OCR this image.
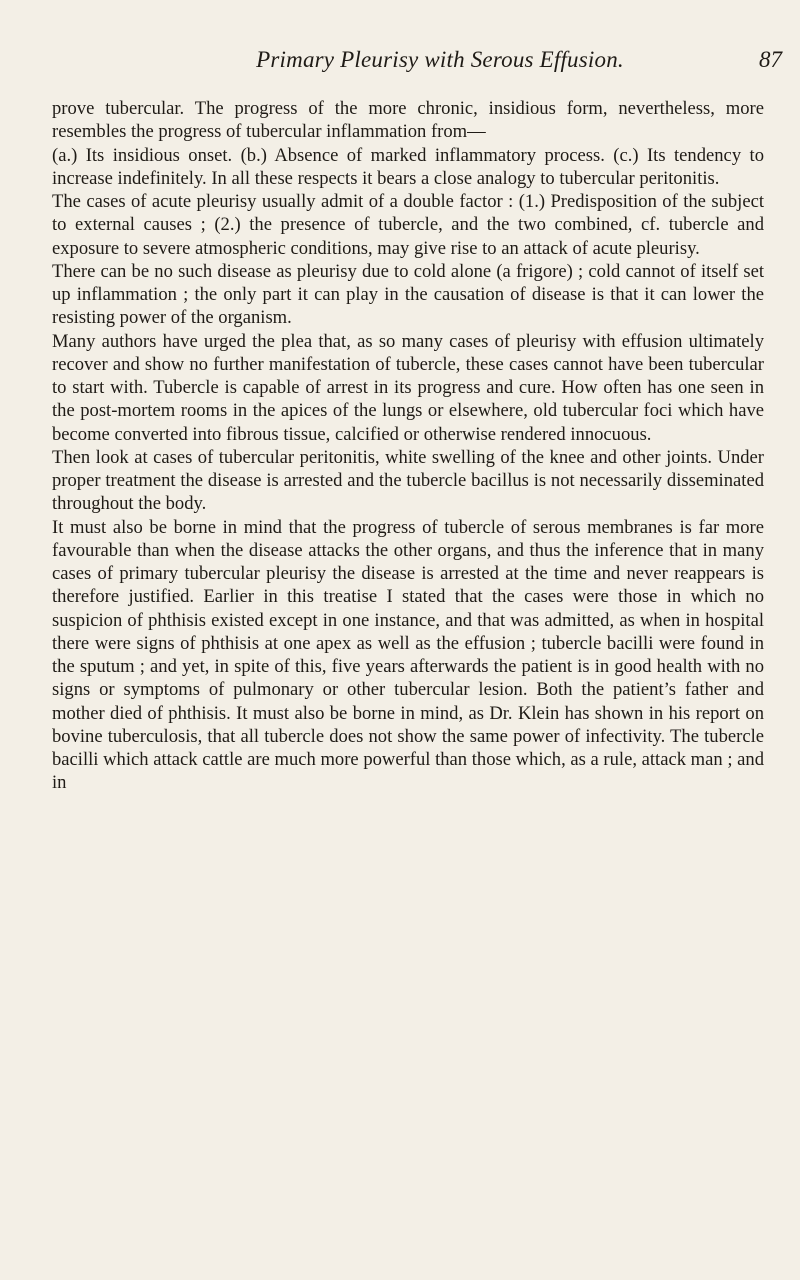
Primary Pleurisy with Serous Effusion.	87

prove tubercular. The progress of the more chronic, insidious form, nevertheless, more resembles the progress of tubercular inflammation from—

(a.) Its insidious onset. (b.) Absence of marked inflammatory process. (c.) Its tendency to increase indefinitely. In all these respects it bears a close analogy to tubercular peritonitis.

The cases of acute pleurisy usually admit of a double factor : (1.) Predisposition of the subject to external causes ; (2.) the presence of tubercle, and the two combined, cf. tubercle and exposure to severe atmospheric conditions, may give rise to an attack of acute pleurisy.

There can be no such disease as pleurisy due to cold alone (a frigore) ; cold cannot of itself set up inflammation ; the only part it can play in the causation of disease is that it can lower the resisting power of the organism.

Many authors have urged the plea that, as so many cases of pleurisy with effusion ultimately recover and show no further manifestation of tubercle, these cases cannot have been tubercular to start with. Tubercle is capable of arrest in its progress and cure. How often has one seen in the post-mortem rooms in the apices of the lungs or elsewhere, old tubercular foci which have become converted into fibrous tissue, calcified or otherwise rendered innocuous.

Then look at cases of tubercular peritonitis, white swelling of the knee and other joints. Under proper treatment the disease is arrested and the tubercle bacillus is not necessarily disseminated throughout the body.

It must also be borne in mind that the progress of tubercle of serous membranes is far more favourable than when the disease attacks the other organs, and thus the inference that in many cases of primary tubercular pleurisy the disease is arrested at the time and never reappears is therefore justified. Earlier in this treatise I stated that the cases were those in which no suspicion of phthisis existed except in one instance, and that was admitted, as when in hospital there were signs of phthisis at one apex as well as the effusion ; tubercle bacilli were found in the sputum ; and yet, in spite of this, five years afterwards the patient is in good health with no signs or symptoms of pulmonary or other tubercular lesion. Both the patient’s father and mother died of phthisis. It must also be borne in mind, as Dr. Klein has shown in his report on bovine tuberculosis, that all tubercle does not show the same power of infectivity. The tubercle bacilli which attack cattle are much more powerful than those which, as a rule, attack man ; and in
